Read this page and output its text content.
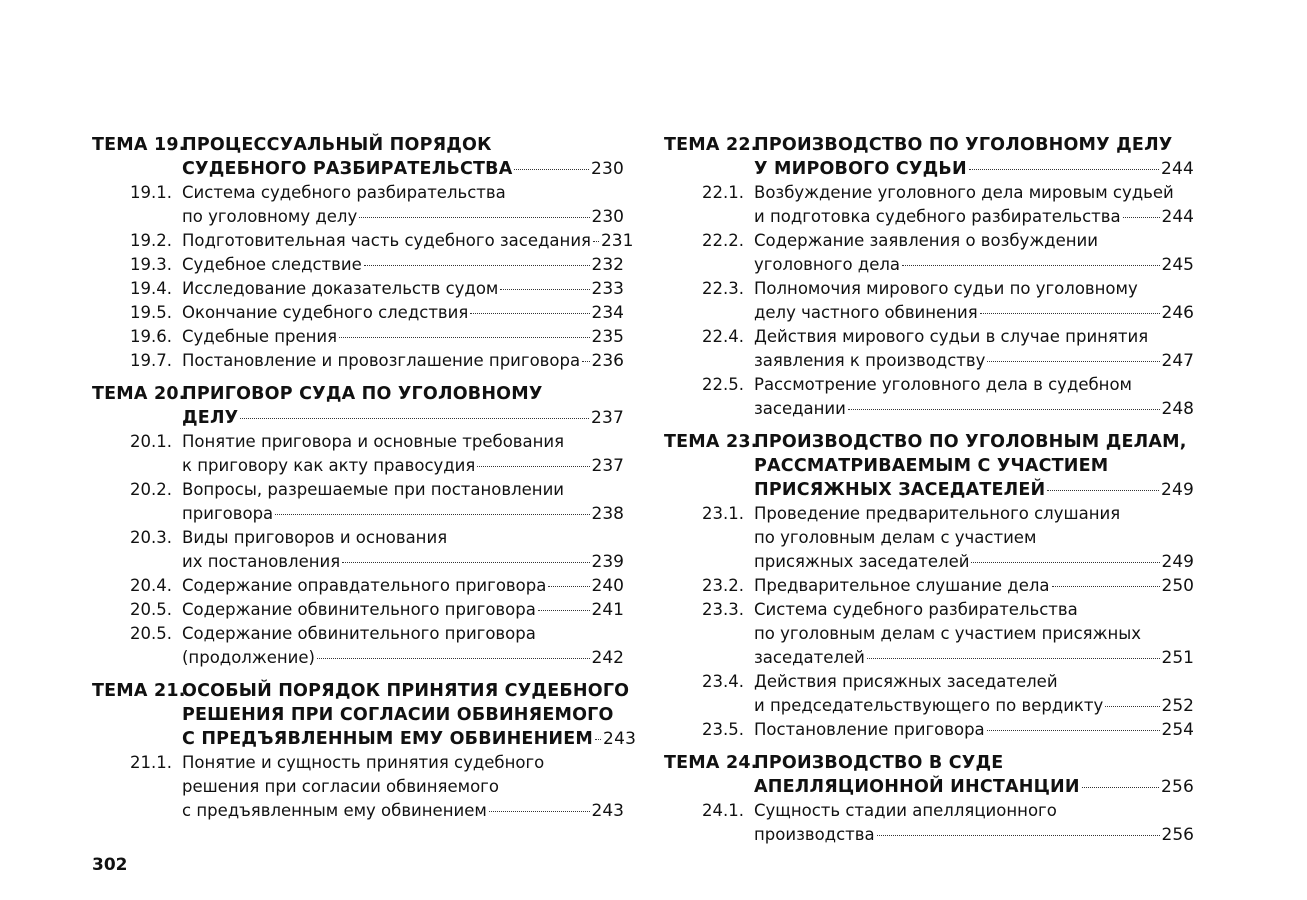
ТЕМА 19.
ПРОЦЕССУАЛЬНЫЙ ПОРЯДОК
СУДЕБНОГО РАЗБИРАТЕЛЬСТВА	230
19.1. Система судебного разбирательства
по уголовному делу	230
19.2. Подготовительная часть судебного заседания 231
19.3. Судебное следствие	232
19.4. Исследование доказательств судом	233
19.5. Окончание судебного следствия	234
19.6. Судебные прения	235
19.7. Постановление и провозглашение приговора 236
ТЕМА 20.
ПРИГОВОР СУДА ПО УГОЛОВНОМУ
ДЕЛУ	237
20.1. Понятие приговора и основные требования
к приговору как акту правосудия	237
20.2. Вопросы, разрешаемые при постановлении
приговора	238
20.3. Виды приговоров и основания
их постановления	239
20.4. Содержание оправдательного приговора	240
20.5. Содержание обвинительного приговора	241
20.5. Содержание обвинительного приговора
(продолжение)	242
ТЕМА 21.
ОСОБЫЙ ПОРЯДОК ПРИНЯТИЯ СУДЕБНОГО
РЕШЕНИЯ ПРИ СОГЛАСИИ ОБВИНЯЕМОГО
С ПРЕДЪЯВЛЕННЫМ ЕМУ ОБВИНЕНИЕМ 243
21.1. Понятие и сущность принятия судебного
решения при согласии обвиняемого
с предъявленным ему обвинением	243
ТЕМА 22.
ПРОИЗВОДСТВО ПО УГОЛОВНОМУ ДЕЛУ
У МИРОВОГО СУДЬИ	244
22.1. Возбуждение уголовного дела мировым судьей
и подготовка судебного разбирательства 244
22.2. Содержание заявления о возбуждении
уголовного дела	245
22.3. Полномочия мирового судьи по уголовному
делу частного обвинения	246
22.4. Действия мирового судьи в случае принятия
заявления к производству	247
22.5. Рассмотрение уголовного дела в судебном
заседании	248
ТЕМА 23.
ПРОИЗВОДСТВО ПО УГОЛОВНЫМ ДЕЛАМ,
РАССМАТРИВАЕМЫМ С УЧАСТИЕМ
ПРИСЯЖНЫХ ЗАСЕДАТЕЛЕЙ	249
23.1. Проведение предварительного слушания
по уголовным делам с участием
присяжных заседателей	249
23.2. Предварительное слушание дела	250
23.3. Система судебного разбирательства
по уголовным делам с участием присяжных
заседателей	251
23.4. Действия присяжных заседателей
и председательствующего по вердикту	252
23.5. Постановление приговора	254
ТЕМА 24.
ПРОИЗВОДСТВО В СУДЕ
АПЕЛЛЯЦИОННОЙ ИНСТАНЦИИ	256
24.1. Сущность стадии апелляционного
производства	256
302
